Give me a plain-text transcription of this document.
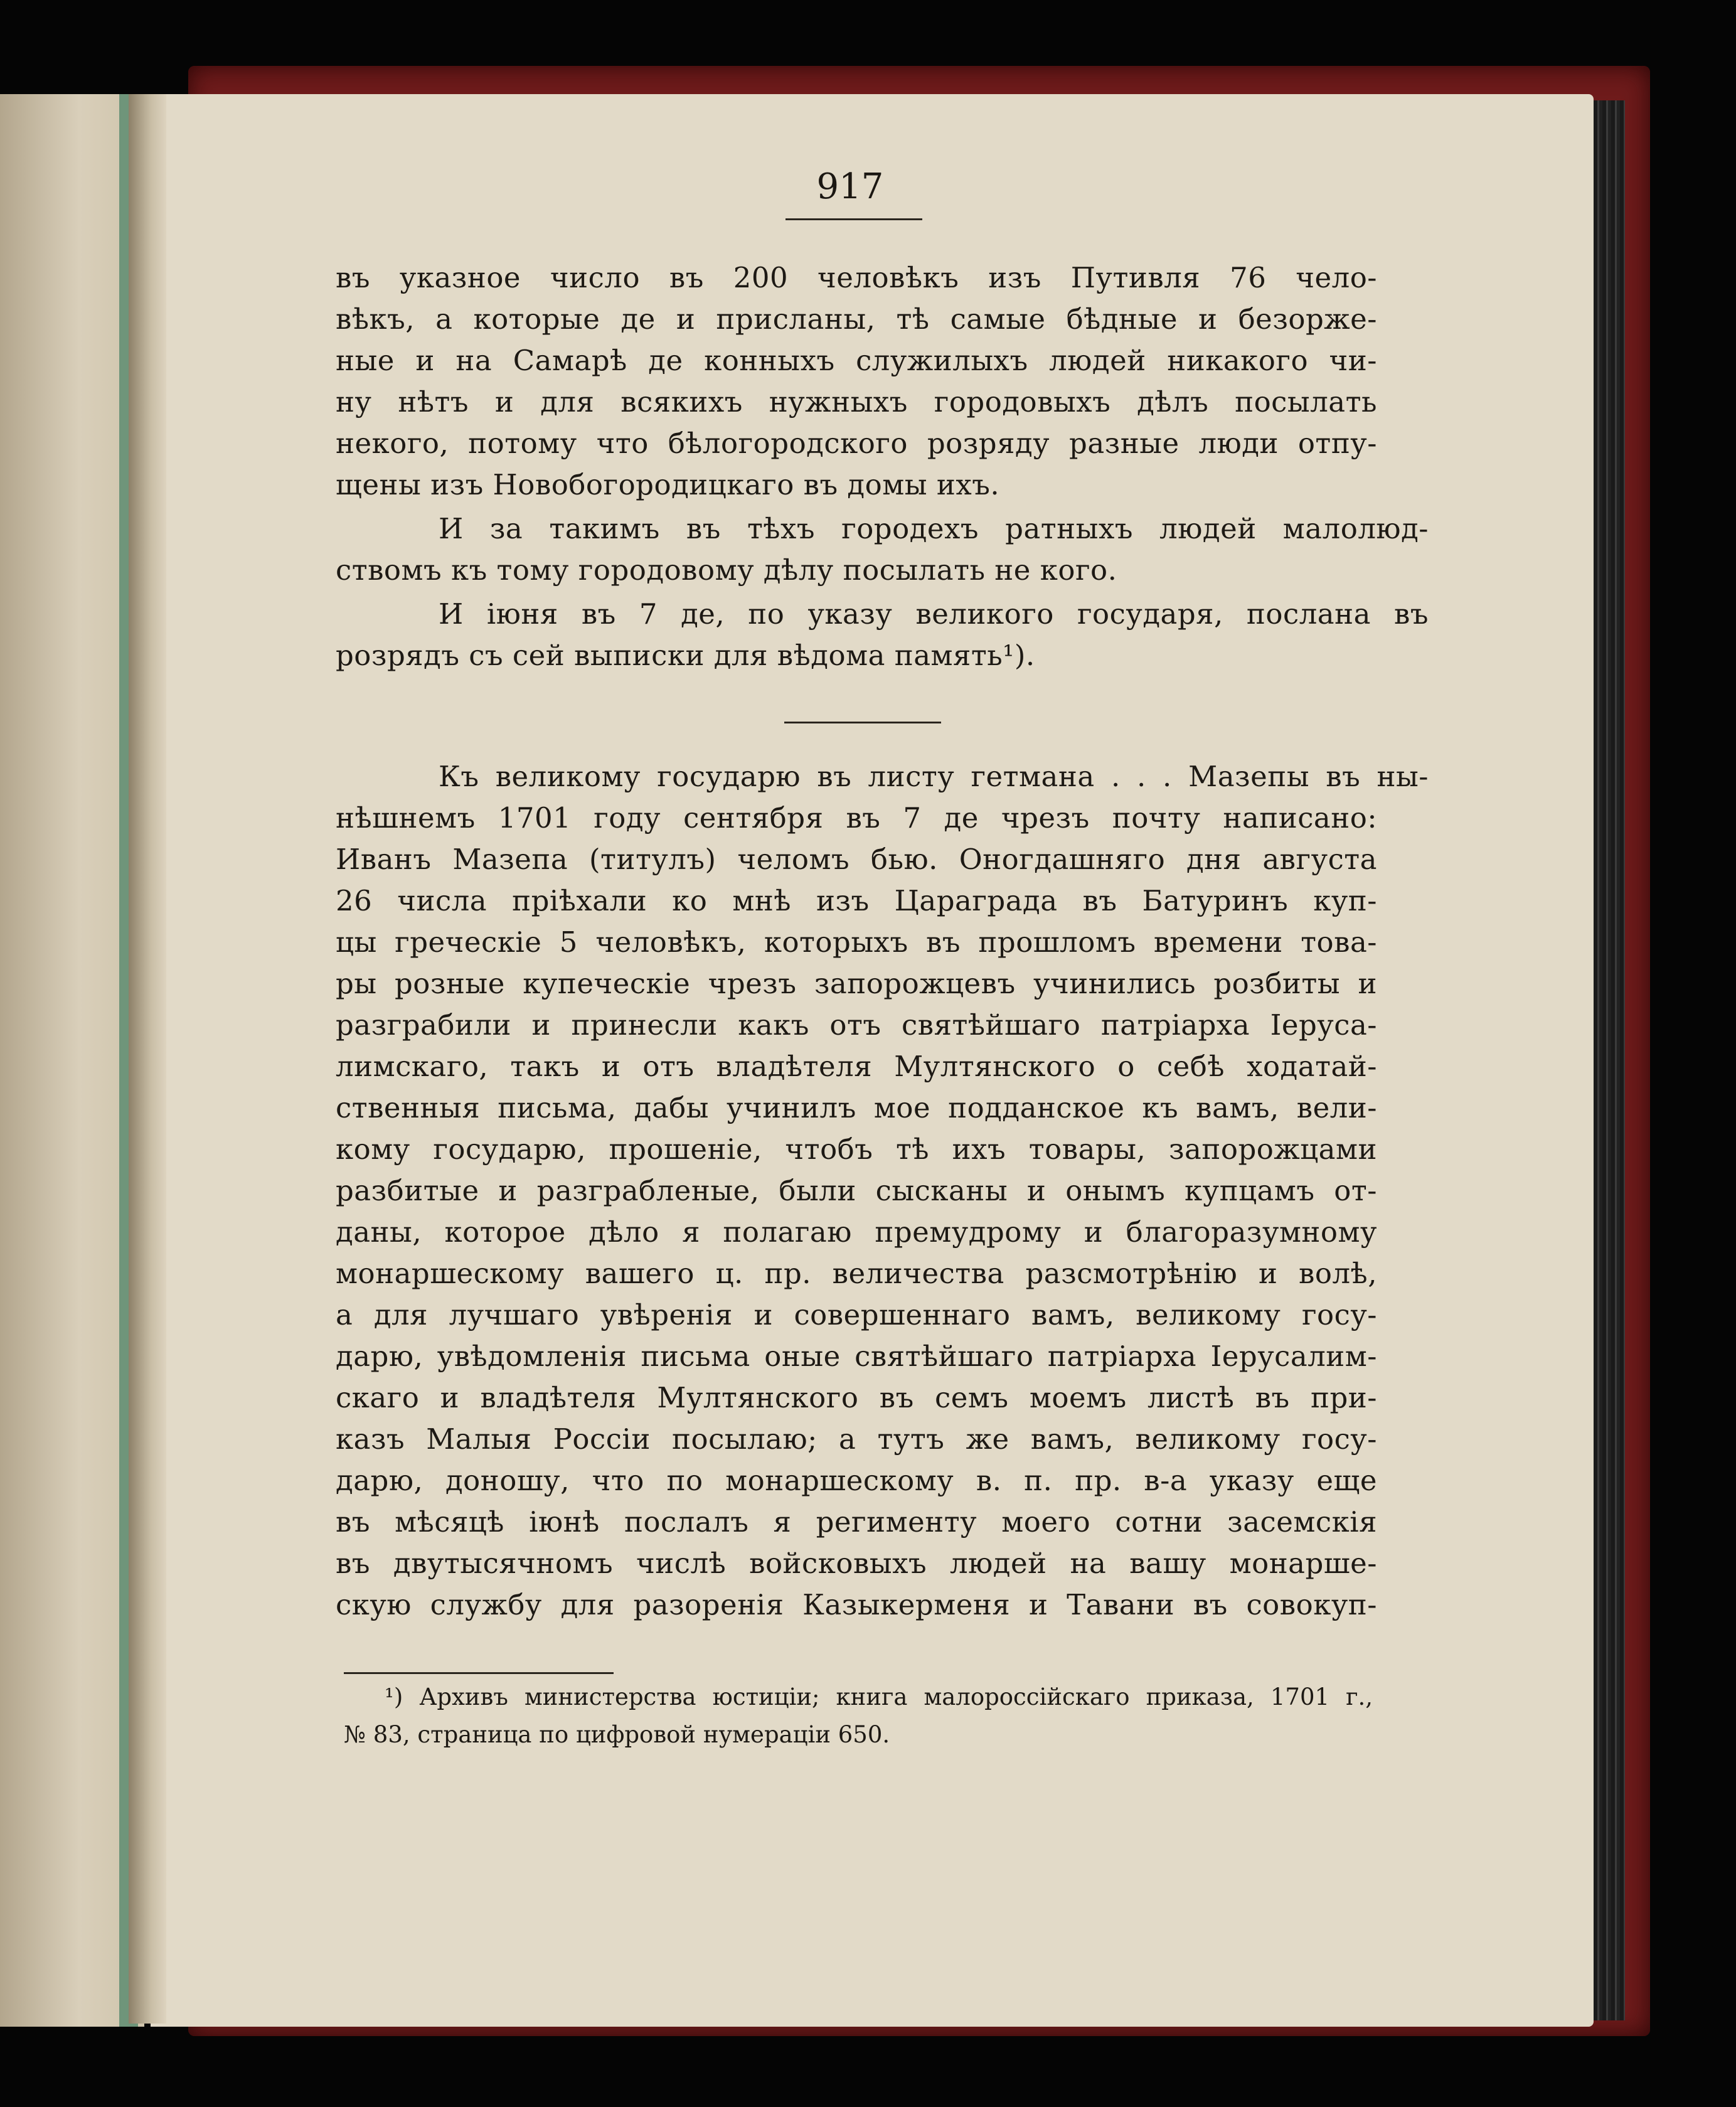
917
въ указное число въ 200 человѣкъ изъ Путивля 76 чело-
вѣкъ, а которые де и присланы, тѣ самые бѣдные и безорже-
ные и на Самарѣ де конныхъ служилыхъ людей никакого чи-
ну нѣтъ и для всякихъ нужныхъ городовыхъ дѣлъ посылать
некого, потому что бѣлогородского розряду разные люди отпу-
щены изъ Новобогородицкаго въ домы ихъ.
И за такимъ въ тѣхъ городехъ ратныхъ людей малолюд-
ствомъ къ тому городовому дѣлу посылать не кого.
И іюня въ 7 де, по указу великого государя, послана въ
розрядъ съ сей выписки для вѣдома память¹).
Къ великому государю въ листу гетмана . . . Мазепы въ ны-
нѣшнемъ 1701 году сентября въ 7 де чрезъ почту написано:
Иванъ Мазепа (титулъ) челомъ бью. Оногдашняго дня августа
26 числа пріѣхали ко мнѣ изъ Цараграда въ Батуринъ куп-
цы греческіе 5 человѣкъ, которыхъ въ прошломъ времени това-
ры розные купеческіе чрезъ запорожцевъ учинились розбиты и
разграбили и принесли какъ отъ святѣйшаго патріарха Іеруса-
лимскаго, такъ и отъ владѣтеля Мултянского о себѣ ходатай-
ственныя письма, дабы учинилъ мое подданское къ вамъ, вели-
кому государю, прошеніе, чтобъ тѣ ихъ товары, запорожцами
разбитые и разграбленые, были сысканы и онымъ купцамъ от-
даны, которое дѣло я полагаю премудрому и благоразумному
монаршескому вашего ц. пр. величества разсмотрѣнію и волѣ,
а для лучшаго увѣренія и совершеннаго вамъ, великому госу-
дарю, увѣдомленія письма оные святѣйшаго патріарха Іерусалим-
скаго и владѣтеля Мултянского въ семъ моемъ листѣ въ при-
казъ Малыя Россіи посылаю; а тутъ же вамъ, великому госу-
дарю, доношу, что по монаршескому в. п. пр. в-а указу еще
въ мѣсяцѣ іюнѣ послалъ я регименту моего сотни засемскія
въ двутысячномъ числѣ войсковыхъ людей на вашу монарше-
скую службу для разоренія Казыкерменя и Тавани въ совокуп-
¹) Архивъ министерства юстиціи; книга малороссійскаго приказа, 1701 г.,
№ 83, страница по цифровой нумераціи 650.
